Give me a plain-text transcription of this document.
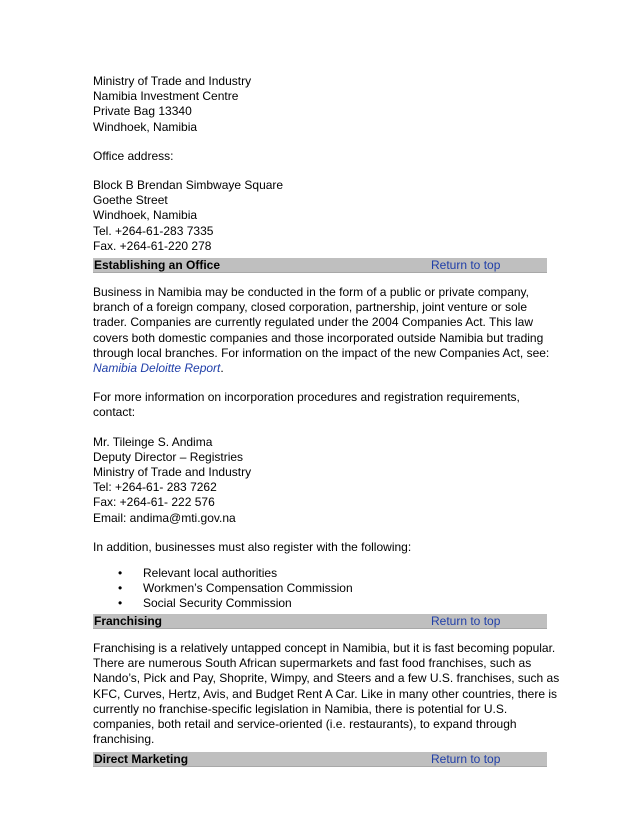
Ministry of Trade and Industry
Namibia Investment Centre
Private Bag 13340
Windhoek, Namibia
Office address:
Block B Brendan Simbwaye Square
Goethe Street
Windhoek, Namibia
Tel. +264-61-283 7335
Fax. +264-61-220 278
Establishing an Office	Return to top
Business in Namibia may be conducted in the form of a public or private company,
branch of a foreign company, closed corporation, partnership, joint venture or sole
trader. Companies are currently regulated under the 2004 Companies Act. This law
covers both domestic companies and those incorporated outside Namibia but trading
through local branches. For information on the impact of the new Companies Act, see:
Namibia Deloitte Report.
For more information on incorporation procedures and registration requirements,
contact:
Mr. Tileinge S. Andima
Deputy Director – Registries
Ministry of Trade and Industry
Tel: +264-61- 283 7262
Fax: +264-61- 222 576
Email: andima@mti.gov.na
In addition, businesses must also register with the following:
• Relevant local authorities
• Workmen’s Compensation Commission
• Social Security Commission
Franchising	Return to top
Franchising is a relatively untapped concept in Namibia, but it is fast becoming popular.
There are numerous South African supermarkets and fast food franchises, such as
Nando’s, Pick and Pay, Shoprite, Wimpy, and Steers and a few U.S. franchises, such as
KFC, Curves, Hertz, Avis, and Budget Rent A Car. Like in many other countries, there is
currently no franchise-specific legislation in Namibia, there is potential for U.S.
companies, both retail and service-oriented (i.e. restaurants), to expand through
franchising.
Direct Marketing	Return to top
